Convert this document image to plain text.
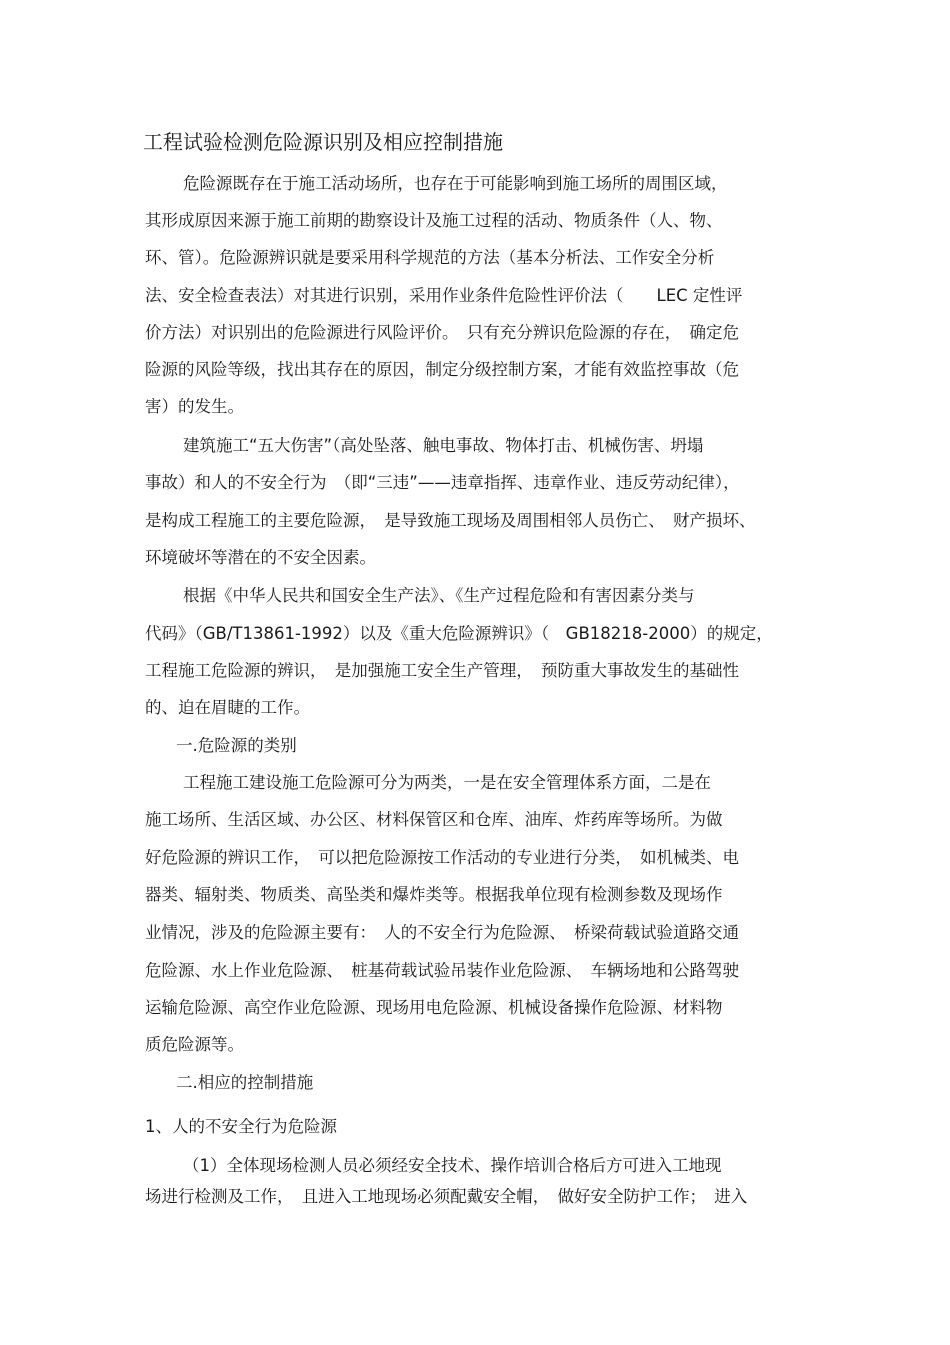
工程试验检测危险源识别及相应控制措施
危险源既存在于施工活动场所，也存在于可能影响到施工场所的周围区域，
其形成原因来源于施工前期的勘察设计及施工过程的活动、物质条件（人、物、
环、管）。危险源辨识就是要采用科学规范的方法（基本分析法、工作安全分析
法、安全检查表法）对其进行识别，采用作业条件危险性评价法（　　LEC 定性评
价方法）对识别出的危险源进行风险评价。　只有充分辨识危险源的存在，　确定危
险源的风险等级，找出其存在的原因，制定分级控制方案，才能有效监控事故（危
害）的发生。
建筑施工“五大伤害”（高处坠落、触电事故、物体打击、机械伤害、坍塌
事故）和人的不安全行为　（即“三违”——违章指挥、违章作业、违反劳动纪律），
是构成工程施工的主要危险源，　是导致施工现场及周围相邻人员伤亡、　财产损坏、
环境破坏等潜在的不安全因素。
根据《中华人民共和国安全生产法》、《生产过程危险和有害因素分类与
代码》（GB/T13861-1992）以及《重大危险源辨识》（　GB18218-2000）的规定，
工程施工危险源的辨识，　是加强施工安全生产管理，　预防重大事故发生的基础性
的、迫在眉睫的工作。
一.危险源的类别
工程施工建设施工危险源可分为两类，一是在安全管理体系方面，二是在
施工场所、生活区域、办公区、材料保管区和仓库、油库、炸药库等场所。为做
好危险源的辨识工作，　可以把危险源按工作活动的专业进行分类，　如机械类、电
器类、辐射类、物质类、高坠类和爆炸类等。根据我单位现有检测参数及现场作
业情况，涉及的危险源主要有：　人的不安全行为危险源、　桥梁荷载试验道路交通
危险源、水上作业危险源、　桩基荷载试验吊装作业危险源、　车辆场地和公路驾驶
运输危险源、高空作业危险源、现场用电危险源、机械设备操作危险源、材料物
质危险源等。
二.相应的控制措施
1、人的不安全行为危险源
（1）全体现场检测人员必须经安全技术、操作培训合格后方可进入工地现
场进行检测及工作，　且进入工地现场必须配戴安全帽，　做好安全防护工作；　进入
